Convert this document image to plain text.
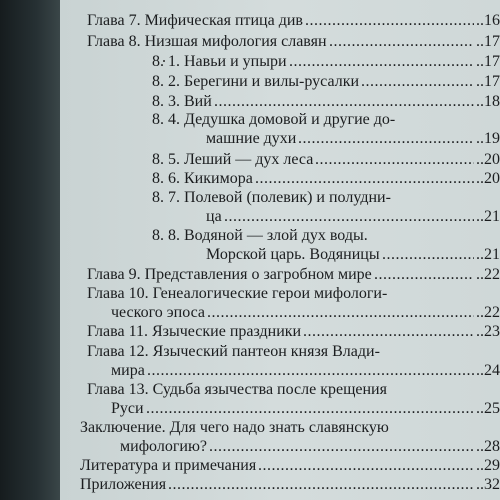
Глава 7. Мифическая птица див	..16
.....
Глава 8. Низшая мифология славян	..17
.....
8. 1. Навьи и упыри	..17
.....
8. 2. Берегини и вилы-русалки	..17
.....
8. 3. Вий	..18
.....
8. 4. Дедушка домовой и другие до-
машние духи	..19
.....
8. 5. Леший — дух леса	..20
.....
8. 6. Кикимора	..20
.....
8. 7. Полевой (полевик) и полудни-
ца	..21
.....
8. 8. Водяной — злой дух воды.
Морской царь. Водяницы	..21
.....
Глава 9. Представления о загробном мире	..22
.....
Глава 10. Генеалогические герои мифологи-
ческого эпоса	..22
.....
Глава 11. Языческие праздники	..23
.....
Глава 12. Языческий пантеон князя Влади-
мира	..24
.....
Глава 13. Судьба язычества после крещения
Руси	..25
.....
Заключение. Для чего надо знать славянскую
мифологию?	..28
.....
Литература и примечания	..29
.....
Приложения	..32
.....
